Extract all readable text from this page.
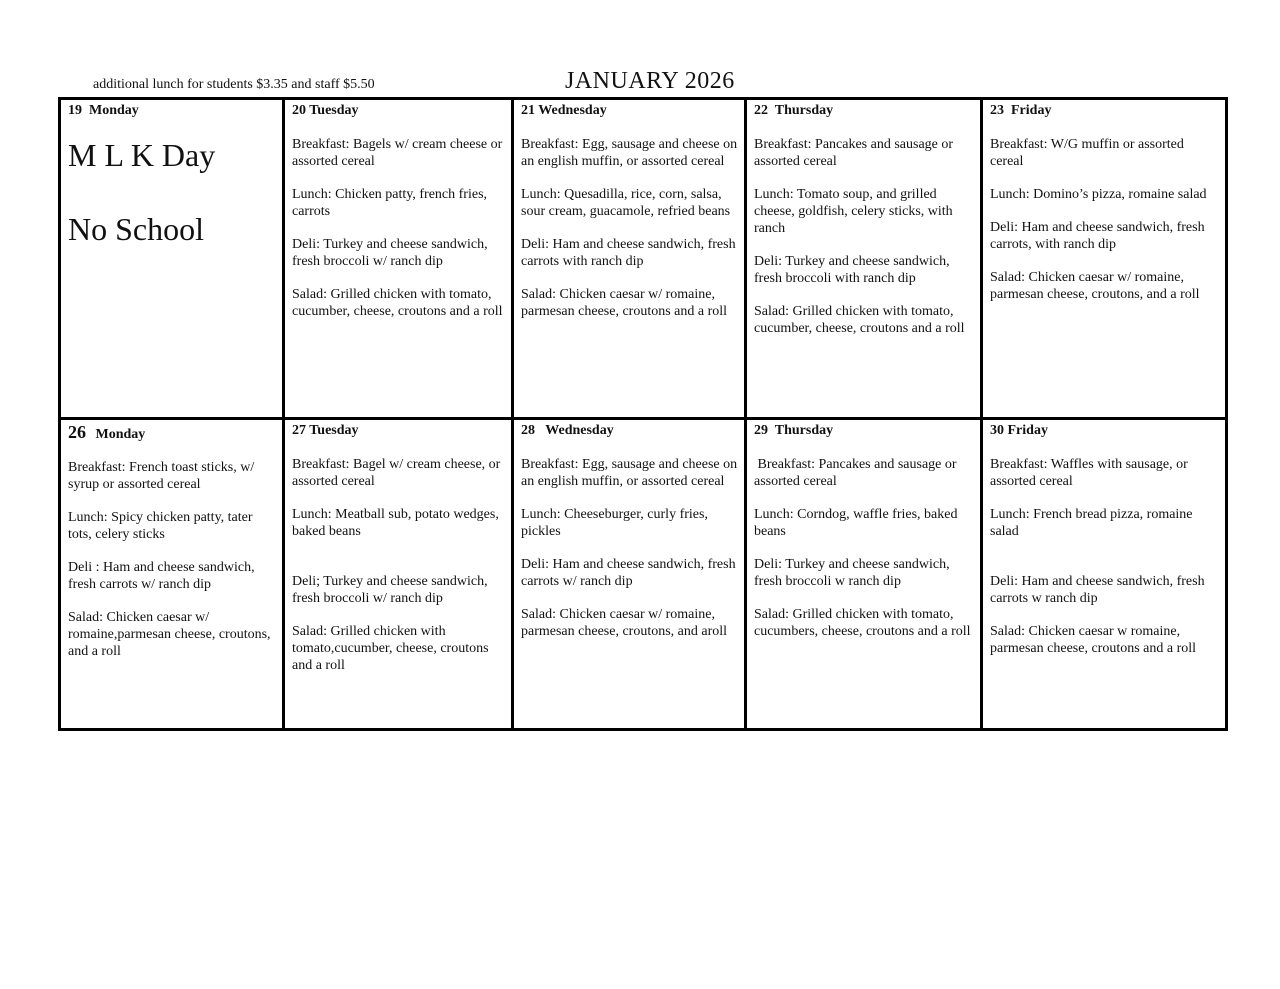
additional lunch for students $3.35 and staff $5.50	JANUARY 2026
19  Monday
M L K Day
No School
20 Tuesday
Breakfast: Bagels w/ cream cheese or assorted cereal
Lunch: Chicken patty, french fries, carrots
Deli: Turkey and cheese sandwich, fresh broccoli w/ ranch dip
Salad: Grilled chicken with tomato, cucumber, cheese, croutons and a roll
21 Wednesday
Breakfast: Egg, sausage and cheese on an english muffin, or assorted cereal
Lunch: Quesadilla, rice, corn, salsa, sour cream, guacamole, refried beans
Deli: Ham and cheese sandwich, fresh carrots with ranch dip
Salad: Chicken caesar w/ romaine, parmesan cheese, croutons and a roll
22  Thursday
Breakfast: Pancakes and sausage or assorted cereal
Lunch: Tomato soup, and grilled cheese, goldfish, celery sticks, with ranch
Deli: Turkey and cheese sandwich, fresh broccoli with ranch dip
Salad: Grilled chicken with tomato, cucumber, cheese, croutons and a roll
23  Friday
Breakfast: W/G muffin or assorted cereal
Lunch: Domino’s pizza, romaine salad
Deli: Ham and cheese sandwich, fresh carrots, with ranch dip
Salad: Chicken caesar w/ romaine, parmesan cheese, croutons, and a roll
26 Monday
Breakfast: French toast sticks, w/ syrup or assorted cereal
Lunch: Spicy chicken patty, tater tots, celery sticks
Deli : Ham and cheese sandwich, fresh carrots w/ ranch dip
Salad: Chicken caesar w/ romaine,parmesan cheese, croutons, and a roll
27 Tuesday
Breakfast: Bagel w/ cream cheese, or assorted cereal
Lunch: Meatball sub, potato wedges, baked beans
Deli; Turkey and cheese sandwich, fresh broccoli w/ ranch dip
Salad: Grilled chicken with tomato,cucumber, cheese, croutons and a roll
28   Wednesday
Breakfast: Egg, sausage and cheese on an english muffin, or assorted cereal
Lunch: Cheeseburger, curly fries, pickles
Deli: Ham and cheese sandwich, fresh carrots w/ ranch dip
Salad: Chicken caesar w/ romaine, parmesan cheese, croutons, and aroll
29  Thursday
Breakfast: Pancakes and sausage or assorted cereal
Lunch: Corndog, waffle fries, baked beans
Deli: Turkey and cheese sandwich, fresh broccoli w ranch dip
Salad: Grilled chicken with tomato, cucumbers, cheese, croutons and a roll
30 Friday
Breakfast: Waffles with sausage, or assorted cereal
Lunch: French bread pizza, romaine salad
Deli: Ham and cheese sandwich, fresh carrots w ranch dip
Salad: Chicken caesar w romaine, parmesan cheese, croutons and a roll
